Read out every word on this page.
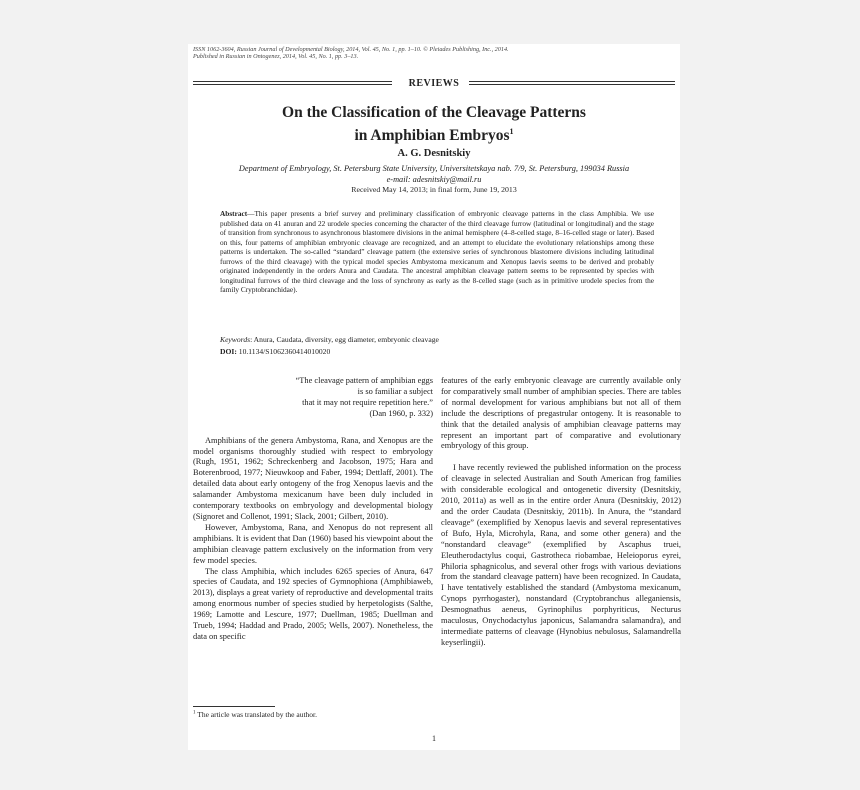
ISSN 1062-3604, Russian Journal of Developmental Biology, 2014, Vol. 45, No. 1, pp. 1–10. © Pleiades Publishing, Inc., 2014.
Published in Russian in Ontogenez, 2014, Vol. 45, No. 1, pp. 3–13.
REVIEWS
On the Classification of the Cleavage Patterns
in Amphibian Embryos$^1$
A. G. Desnitskiy
Department of Embryology, St. Petersburg State University, Universitetskaya nab. 7/9, St. Petersburg, 199034 Russia
e-mail: adesnitskiy@mail.ru
Received May 14, 2013; in final form, June 19, 2013
Abstract—This paper presents a brief survey and preliminary classification of embryonic cleavage patterns in the class Amphibia. We use published data on 41 anuran and 22 urodele species concerning the character of the third cleavage furrow (latitudinal or longitudinal) and the stage of transition from synchronous to asynchronous blastomere divisions in the animal hemisphere (4–8-celled stage, 8–16-celled stage or later). Based on this, four patterns of amphibian embryonic cleavage are recognized, and an attempt to elucidate the evolutionary relationships among these patterns is undertaken. The so-called “standard” cleavage pattern (the extensive series of synchronous blastomere divisions including latitudinal furrows of the third cleavage) with the typical model species Ambystoma mexicanum and Xenopus laevis seems to be derived and probably originated independently in the orders Anura and Caudata. The ancestral amphibian cleavage pattern seems to be represented by species with longitudinal furrows of the third cleavage and the loss of synchrony as early as the 8-celled stage (such as in primitive urodele species from the family Cryptobranchidae).
Keywords: Anura, Caudata, diversity, egg diameter, embryonic cleavage
DOI: 10.1134/S1062360414010020
“The cleavage pattern of amphibian eggs
is so familiar a subject
that it may not require repetition here.”
(Dan 1960, p. 332)

Amphibians of the genera Ambystoma, Rana, and Xenopus are the model organisms thoroughly studied with respect to embryology (Rugh, 1951, 1962; Schreckenberg and Jacobson, 1975; Hara and Boterenbrood, 1977; Nieuwkoop and Faber, 1994; Dettlaff, 2001). The detailed data about early ontogeny of the frog Xenopus laevis and the salamander Ambystoma mexicanum have been duly included in contemporary textbooks on embryology and developmental biology (Signoret and Collenot, 1991; Slack, 2001; Gilbert, 2010).

However, Ambystoma, Rana, and Xenopus do not represent all amphibians. It is evident that Dan (1960) based his viewpoint about the amphibian cleavage pattern exclusively on the information from very few model species.

The class Amphibia, which includes 6265 species of Anura, 647 species of Caudata, and 192 species of Gymnophiona (Amphibiaweb, 2013), displays a great variety of reproductive and developmental traits among enormous number of species studied by herpetologists (Salthe, 1969; Lamotte and Lescure, 1977; Duellman, 1985; Duellman and Trueb, 1994; Haddad and Prado, 2005; Wells, 2007). Nonetheless, the data on specific

features of the early embryonic cleavage are currently available only for comparatively small number of amphibian species. There are tables of normal development for various amphibians but not all of them include the descriptions of pregastrular ontogeny. It is reasonable to think that the detailed analysis of amphibian cleavage patterns may represent an important part of comparative and evolutionary embryology of this group.

I have recently reviewed the published information on the process of cleavage in selected Australian and South American frog families with considerable ecological and ontogenetic diversity (Desnitskiy, 2010, 2011a) as well as in the entire order Anura (Desnitskiy, 2012) and the order Caudata (Desnitskiy, 2011b). In Anura, the “standard cleavage” (exemplified by Xenopus laevis and several representatives of Bufo, Hyla, Microhyla, Rana, and some other genera) and the “nonstandard cleavage” (exemplified by Ascaphus truei, Eleutherodactylus coqui, Gastrotheca riobambae, Heleioporus eyrei, Philoria sphagnicolus, and several other frogs with various deviations from the standard cleavage pattern) have been recognized. In Caudata, I have tentatively established the standard (Ambystoma mexicanum, Cynops pyrrhogaster), nonstandard (Cryptobranchus alleganiensis, Desmognathus aeneus, Gyrinophilus porphyriticus, Necturus maculosus, Onychodactylus japonicus, Salamandra salamandra), and intermediate patterns of cleavage (Hynobius nebulosus, Salamandrella keyserlingii).

$^1$ The article was translated by the author.
1
